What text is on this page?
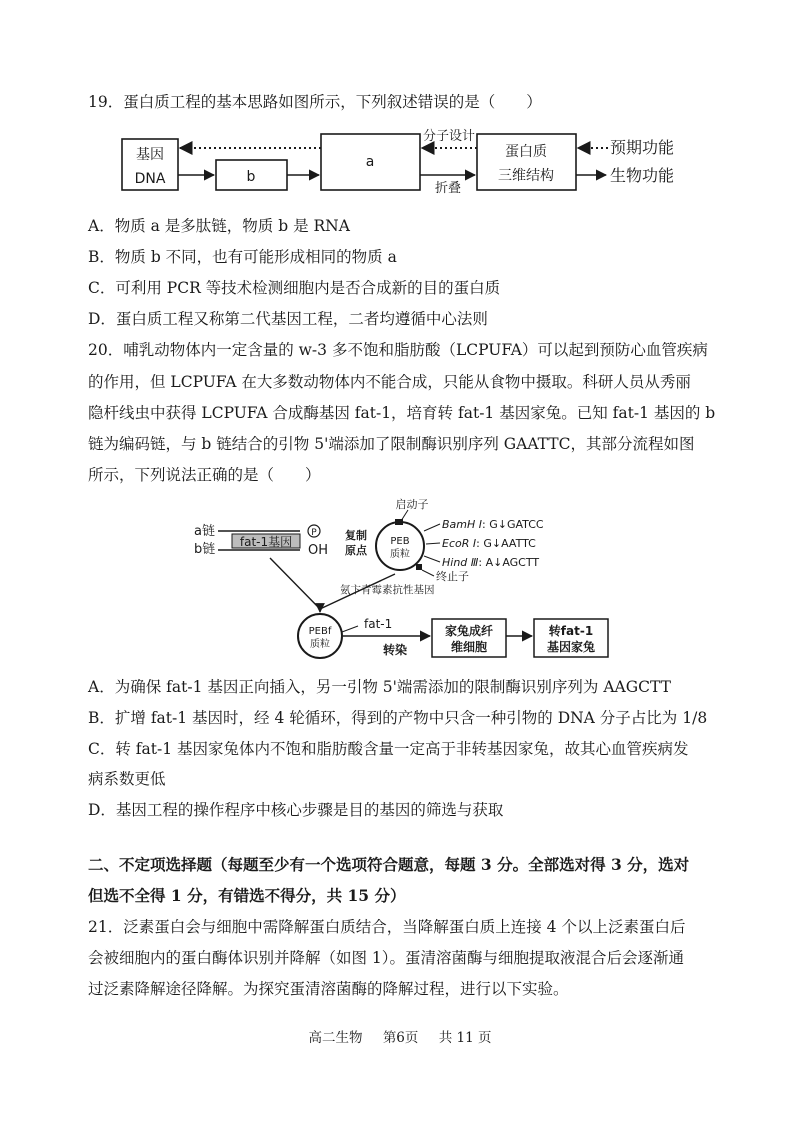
19．蛋白质工程的基本思路如图所示，下列叙述错误的是（　　）
基因
DNA	b
a
蛋白质
三维结构
分子设计
折叠
预期功能
生物功能
A．物质 a 是多肽链，物质 b 是 RNA
B．物质 b 不同，也有可能形成相同的物质 a
C．可利用 PCR 等技术检测细胞内是否合成新的目的蛋白质
D．蛋白质工程又称第二代基因工程，二者均遵循中心法则
20．哺乳动物体内一定含量的 w-3 多不饱和脂肪酸（LCPUFA）可以起到预防心血管疾病
的作用，但 LCPUFA 在大多数动物体内不能合成，只能从食物中摄取。科研人员从秀丽
隐杆线虫中获得 LCPUFA 合成酶基因 fat-1，培育转 fat-1 基因家兔。已知 fat-1 基因的 b
链为编码链，与 b 链结合的引物 5'端添加了限制酶识别序列 GAATTC，其部分流程如图
所示，下列说法正确的是（　　）
a链
b链 fat-1基因
P
OH
PEB
质粒
启动子
复制
原点
BamH Ⅰ: G↓GATCC
EcoR Ⅰ: G↓AATTC
Hind Ⅲ: A↓AGCTT
终止子
氨卞青霉素抗性基因
PEBf
质粒
fat-1
转染
家兔成纤
维细胞
转fat-1
基因家兔
A．为确保 fat-1 基因正向插入，另一引物 5'端需添加的限制酶识别序列为 AAGCTT
B．扩增 fat-1 基因时，经 4 轮循环，得到的产物中只含一种引物的 DNA 分子占比为 1/8
C．转 fat-1 基因家兔体内不饱和脂肪酸含量一定高于非转基因家兔，故其心血管疾病发
病系数更低
D．基因工程的操作程序中核心步骤是目的基因的筛选与获取
二、不定项选择题（每题至少有一个选项符合题意，每题 3 分。全部选对得 3 分，选对
但选不全得 1 分，有错选不得分，共 15 分）
21．泛素蛋白会与细胞中需降解蛋白质结合，当降解蛋白质上连接 4 个以上泛素蛋白后
会被细胞内的蛋白酶体识别并降解（如图 1）。蛋清溶菌酶与细胞提取液混合后会逐渐通
过泛素降解途径降解。为探究蛋清溶菌酶的降解过程，进行以下实验。
高二生物 第6页 共 11 页
